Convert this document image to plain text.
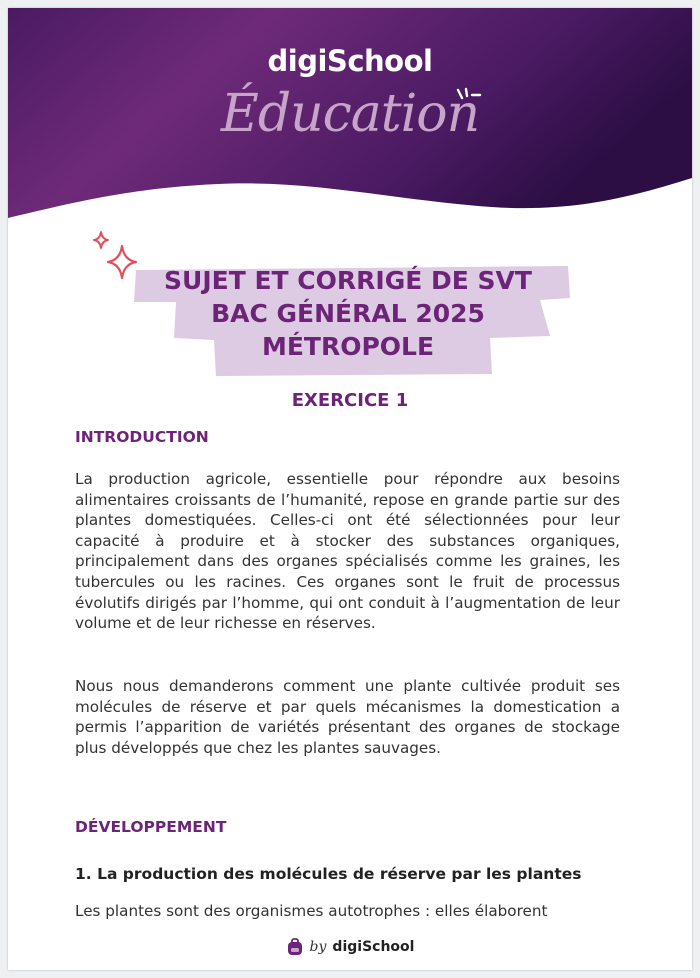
digiSchool
Éducation
SUJET ET CORRIGÉ DE SVT
BAC GÉNÉRAL 2025
MÉTROPOLE
EXERCICE 1
INTRODUCTION

La production agricole, essentielle pour répondre aux besoins alimentaires croissants de l’humanité, repose en grande partie sur des plantes domestiquées. Celles-ci ont été sélectionnées pour leur capacité à produire et à stocker des substances organiques, principalement dans des organes spécialisés comme les graines, les tubercules ou les racines. Ces organes sont le fruit de processus évolutifs dirigés par l’homme, qui ont conduit à l’augmentation de leur volume et de leur richesse en réserves.

Nous nous demanderons comment une plante cultivée produit ses molécules de réserve et par quels mécanismes la domestication a permis l’apparition de variétés présentant des organes de stockage plus développés que chez les plantes sauvages.

DÉVELOPPEMENT
1. La production des molécules de réserve par les plantes

Les plantes sont des organismes autotrophes : elles élaborent

by digiSchool
